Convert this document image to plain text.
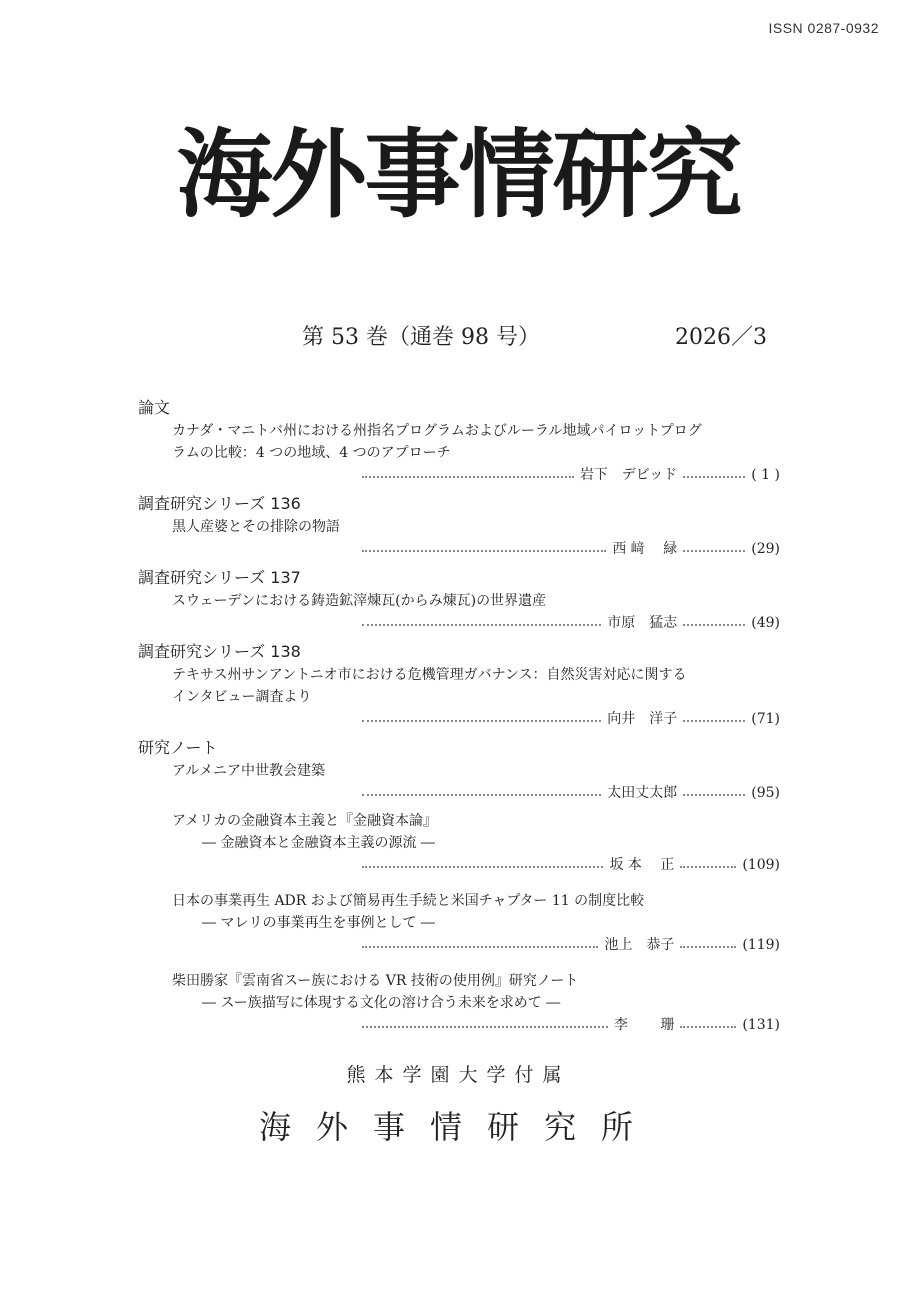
ISSN 0287-0932
海外事情研究
第 53 巻（通巻 98 号）	2026／3
論文
カナダ・マニトバ州における州指名プログラムおよびルーラル地域パイロットプログ
ラムの比較：4 つの地域、4 つのアプローチ
岩下　デビッド	( 1 )
調査研究シリーズ 136
黒人産婆とその排除の物語
西 﨑 　緑	(29)
調査研究シリーズ 137
スウェーデンにおける鋳造鉱滓煉瓦(からみ煉瓦)の世界遺産
市原　猛志	(49)
調査研究シリーズ 138
テキサス州サンアントニオ市における危機管理ガバナンス：自然災害対応に関する
インタビュー調査より
向井　洋子	(71)
研究ノート
アルメニア中世教会建築
太田丈太郎	(95)
アメリカの金融資本主義と『金融資本論』
― 金融資本と金融資本主義の源流 ―
坂 本 　正	(109)
日本の事業再生 ADR および簡易再生手続と米国チャプター 11 の制度比較
― マレリの事業再生を事例として ―
池上　恭子	(119)
柴田勝家『雲南省スー族における VR 技術の使用例』研究ノート
― スー族描写に体現する文化の溶け合う未来を求めて ―
李　　 珊	(131)
熊本学園大学付属
海外事情研究所
